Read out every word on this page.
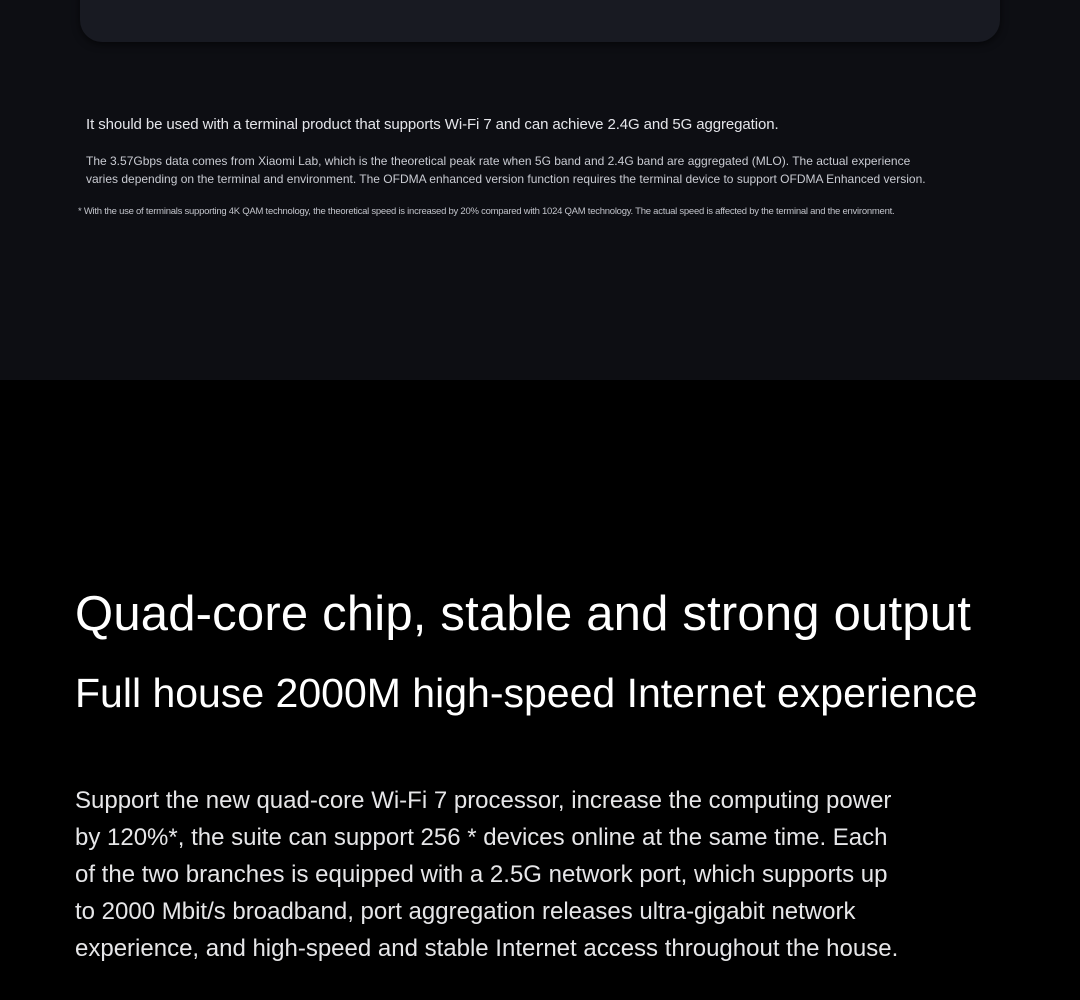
It should be used with a terminal product that supports Wi-Fi 7 and can achieve 2.4G and 5G aggregation.

The 3.57Gbps data comes from Xiaomi Lab, which is the theoretical peak rate when 5G band and 2.4G band are aggregated (MLO). The actual experience
varies depending on the terminal and environment. The OFDMA enhanced version function requires the terminal device to support OFDMA Enhanced version.

* With the use of terminals supporting 4K QAM technology, the theoretical speed is increased by 20% compared with 1024 QAM technology. The actual speed is affected by the terminal and the environment.
Quad-core chip, stable and strong output
Full house 2000M high-speed Internet experience

Support the new quad-core Wi-Fi 7 processor, increase the computing power
by 120%*, the suite can support 256 * devices online at the same time. Each
of the two branches is equipped with a 2.5G network port, which supports up
to 2000 Mbit/s broadband, port aggregation releases ultra-gigabit network
experience, and high-speed and stable Internet access throughout the house.
